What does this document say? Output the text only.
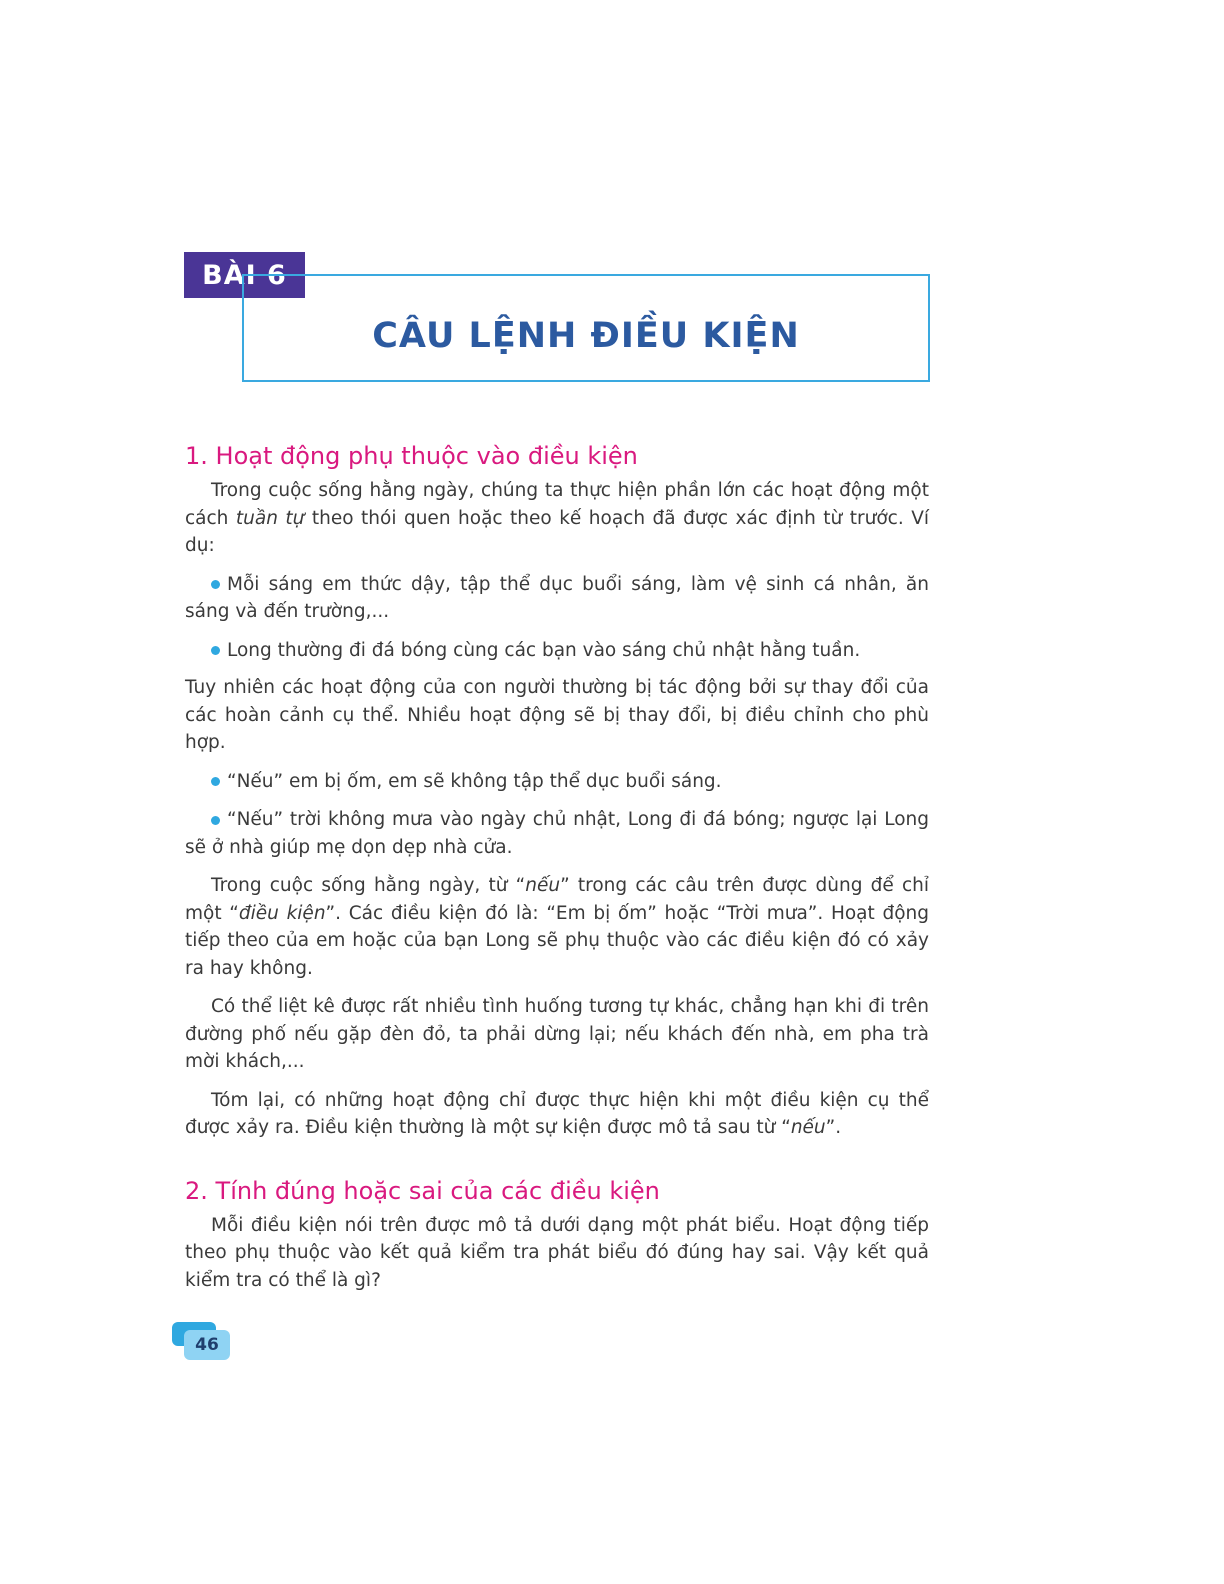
BÀI 6
CÂU LỆNH ĐIỀU KIỆN
1. Hoạt động phụ thuộc vào điều kiện

Trong cuộc sống hằng ngày, chúng ta thực hiện phần lớn các hoạt động một cách tuần tự theo thói quen hoặc theo kế hoạch đã được xác định từ trước. Ví dụ:

Mỗi sáng em thức dậy, tập thể dục buổi sáng, làm vệ sinh cá nhân, ăn sáng và đến trường,...

Long thường đi đá bóng cùng các bạn vào sáng chủ nhật hằng tuần.

Tuy nhiên các hoạt động của con người thường bị tác động bởi sự thay đổi của các hoàn cảnh cụ thể. Nhiều hoạt động sẽ bị thay đổi, bị điều chỉnh cho phù hợp.

“Nếu” em bị ốm, em sẽ không tập thể dục buổi sáng.

“Nếu” trời không mưa vào ngày chủ nhật, Long đi đá bóng; ngược lại Long sẽ ở nhà giúp mẹ dọn dẹp nhà cửa.

Trong cuộc sống hằng ngày, từ “nếu” trong các câu trên được dùng để chỉ một “điều kiện”. Các điều kiện đó là: “Em bị ốm” hoặc “Trời mưa”. Hoạt động tiếp theo của em hoặc của bạn Long sẽ phụ thuộc vào các điều kiện đó có xảy ra hay không.

Có thể liệt kê được rất nhiều tình huống tương tự khác, chẳng hạn khi đi trên đường phố nếu gặp đèn đỏ, ta phải dừng lại; nếu khách đến nhà, em pha trà mời khách,...

Tóm lại, có những hoạt động chỉ được thực hiện khi một điều kiện cụ thể được xảy ra. Điều kiện thường là một sự kiện được mô tả sau từ “nếu”.

2. Tính đúng hoặc sai của các điều kiện

Mỗi điều kiện nói trên được mô tả dưới dạng một phát biểu. Hoạt động tiếp theo phụ thuộc vào kết quả kiểm tra phát biểu đó đúng hay sai. Vậy kết quả kiểm tra có thể là gì?

46
